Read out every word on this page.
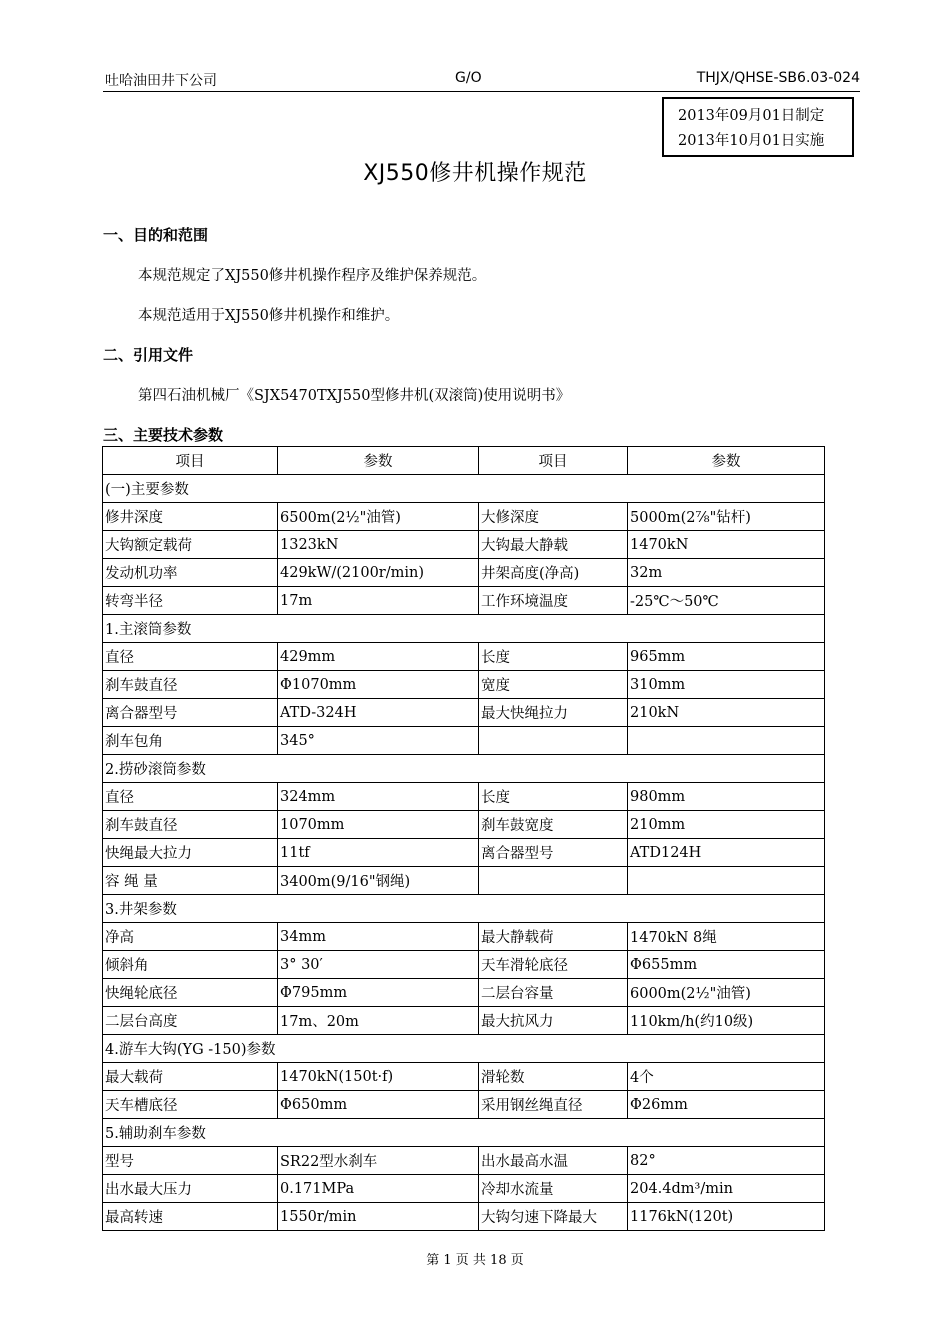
吐哈油田井下公司	G/O	THJX/QHSE-SB6.03-024
2013年09月01日制定
2013年10月01日实施
XJ550修井机操作规范
一、目的和范围
本规范规定了XJ550修井机操作程序及维护保养规范。
本规范适用于XJ550修井机操作和维护。
二、引用文件
第四石油机械厂《SJX5470TXJ550型修井机(双滚筒)使用说明书》
三、主要技术参数
项目	参数	项目	参数
(一)主要参数			
修井深度	6500m(2½"油管)	大修深度	5000m(2⅞"钻杆)
大钩额定载荷	1323kN	大钩最大静载	1470kN
发动机功率	429kW/(2100r/min)	井架高度(净高)	32m
转弯半径	17m	工作环境温度	-25℃～50℃
1.主滚筒参数			
直径	429mm	长度	965mm
刹车鼓直径	Φ1070mm	宽度	310mm
离合器型号	ATD-324H	最大快绳拉力	210kN
刹车包角	345°		
2.捞砂滚筒参数			
直径	324mm	长度	980mm
刹车鼓直径	1070mm	刹车鼓宽度	210mm
快绳最大拉力	11tf	离合器型号	ATD124H
容 绳 量	3400m(9/16"钢绳)		
3.井架参数			
净高	34mm	最大静载荷	1470kN 8绳
倾斜角	3° 30′	天车滑轮底径	Φ655mm
快绳轮底径	Φ795mm	二层台容量	6000m(2½"油管)
二层台高度	17m、20m	最大抗风力	110km/h(约10级)
4.游车大钩(YG -150)参数			
最大载荷	1470kN(150t·f)	滑轮数	4个
天车槽底径	Φ650mm	采用钢丝绳直径	Φ26mm
5.辅助刹车参数			
型号	SR22型水刹车	出水最高水温	82°
出水最大压力	0.171MPa	冷却水流量	204.4dm³/min
最高转速	1550r/min	大钩匀速下降最大	1176kN(120t)
第 1 页 共 18 页
